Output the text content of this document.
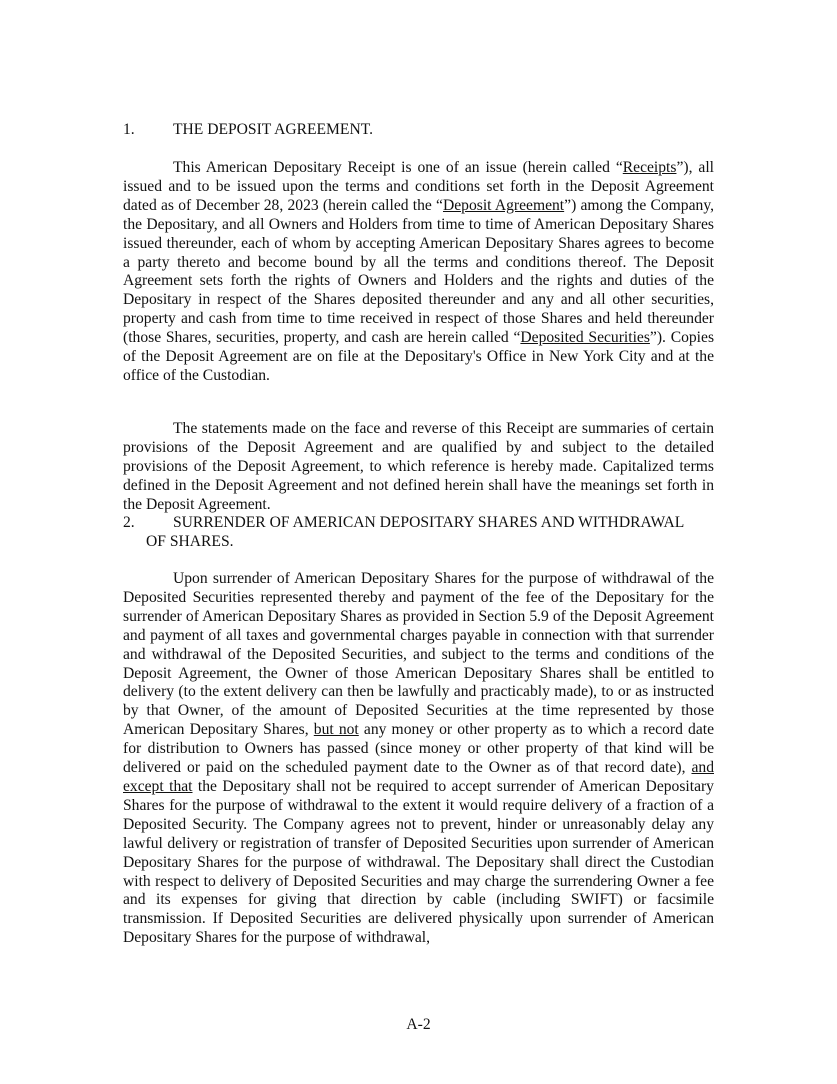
1. THE DEPOSIT AGREEMENT.

This American Depositary Receipt is one of an issue (herein called “Receipts”), all issued and to be issued upon the terms and conditions set forth in the Deposit Agreement dated as of December 28, 2023 (herein called the “Deposit Agreement”) among the Company, the Depositary, and all Owners and Holders from time to time of American Depositary Shares issued thereunder, each of whom by accepting American Depositary Shares agrees to become a party thereto and become bound by all the terms and conditions thereof. The Deposit Agreement sets forth the rights of Owners and Holders and the rights and duties of the Depositary in respect of the Shares deposited thereunder and any and all other securities, property and cash from time to time received in respect of those Shares and held thereunder (those Shares, securities, property, and cash are herein called “Deposited Securities”). Copies of the Deposit Agreement are on file at the Depositary's Office in New York City and at the office of the Custodian.

The statements made on the face and reverse of this Receipt are summaries of certain provisions of the Deposit Agreement and are qualified by and subject to the detailed provisions of the Deposit Agreement, to which reference is hereby made. Capitalized terms defined in the Deposit Agreement and not defined herein shall have the meanings set forth in the Deposit Agreement.

2. SURRENDER OF AMERICAN DEPOSITARY SHARES AND WITHDRAWAL
OF SHARES.

Upon surrender of American Depositary Shares for the purpose of withdrawal of the Deposited Securities represented thereby and payment of the fee of the Depositary for the surrender of American Depositary Shares as provided in Section 5.9 of the Deposit Agreement and payment of all taxes and governmental charges payable in connection with that surrender and withdrawal of the Deposited Securities, and subject to the terms and conditions of the Deposit Agreement, the Owner of those American Depositary Shares shall be entitled to delivery (to the extent delivery can then be lawfully and practicably made), to or as instructed by that Owner, of the amount of Deposited Securities at the time represented by those American Depositary Shares, but not any money or other property as to which a record date for distribution to Owners has passed (since money or other property of that kind will be delivered or paid on the scheduled payment date to the Owner as of that record date), and except that the Depositary shall not be required to accept surrender of American Depositary Shares for the purpose of withdrawal to the extent it would require delivery of a fraction of a Deposited Security. The Company agrees not to prevent, hinder or unreasonably delay any lawful delivery or registration of transfer of Deposited Securities upon surrender of American Depositary Shares for the purpose of withdrawal. The Depositary shall direct the Custodian with respect to delivery of Deposited Securities and may charge the surrendering Owner a fee and its expenses for giving that direction by cable (including SWIFT) or facsimile transmission. If Deposited Securities are delivered physically upon surrender of American Depositary Shares for the purpose of withdrawal,

A-2
